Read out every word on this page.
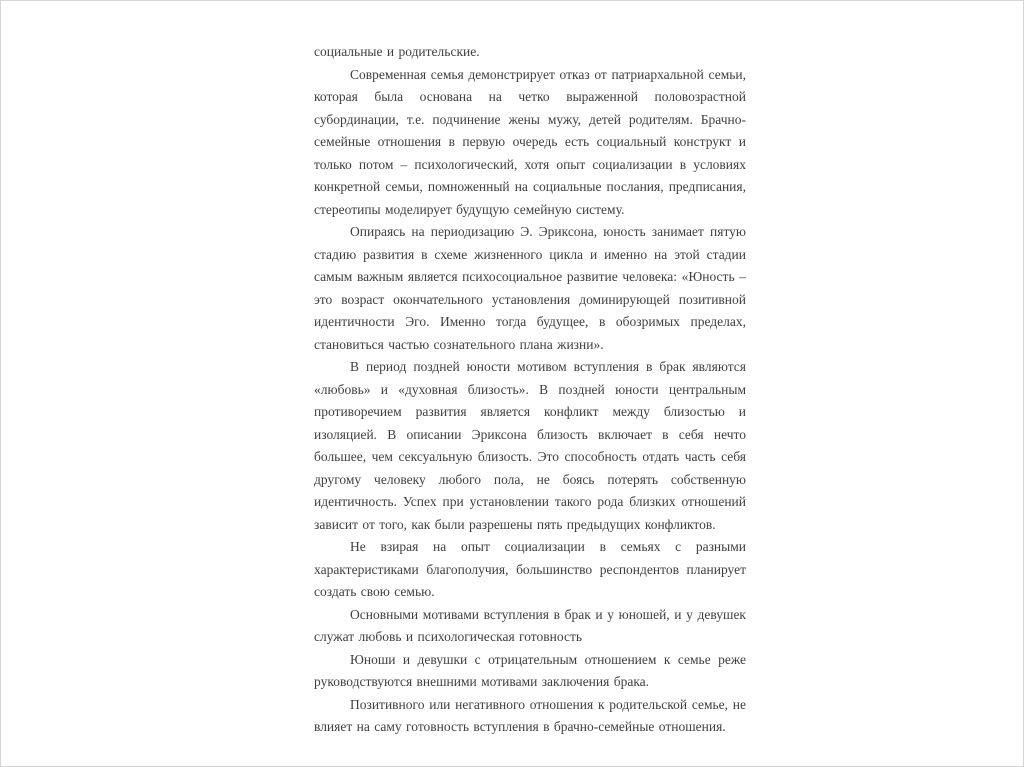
социальные и родительские.

Современная семья демонстрирует отказ от патриархальной семьи, которая была основана на четко выраженной половозрастной субординации, т.е. подчинение жены мужу, детей родителям. Брачно-семейные отношения в первую очередь есть социальный конструкт и только потом – психологический, хотя опыт социализации в условиях конкретной семьи, помноженный на социальные послания, предписания, стереотипы моделирует будущую семейную систему.

Опираясь на периодизацию Э. Эриксона, юность занимает пятую стадию развития в схеме жизненного цикла и именно на этой стадии самым важным является психосоциальное развитие человека: «Юность – это возраст окончательного установления доминирующей позитивной идентичности Эго. Именно тогда будущее, в обозримых пределах, становиться частью сознательного плана жизни».

В период поздней юности мотивом вступления в брак являются «любовь» и «духовная близость». В поздней юности центральным противоречием развития является конфликт между близостью и изоляцией. В описании Эриксона близость включает в себя нечто большее, чем сексуальную близость. Это способность отдать часть себя другому человеку любого пола, не боясь потерять собственную идентичность. Успех при установлении такого рода близких отношений зависит от того, как были разрешены пять предыдущих конфликтов.

Не взирая на опыт социализации в семьях с разными характеристиками благополучия, большинство респондентов планирует создать свою семью.

Основными мотивами вступления в брак и у юношей, и у девушек служат любовь и психологическая готовность

Юноши и девушки с отрицательным отношением к семье реже руководствуются внешними мотивами заключения брака.

Позитивного или негативного отношения к родительской семье, не влияет на саму готовность вступления в брачно-семейные отношения.
